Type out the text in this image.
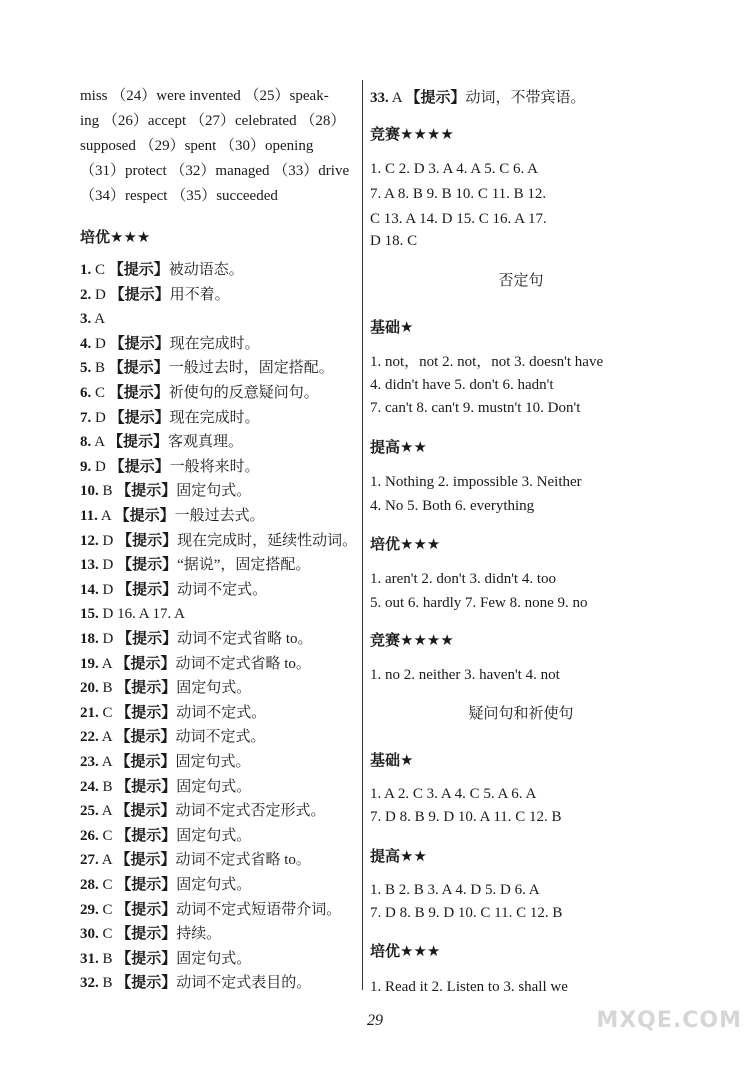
miss （24）were invented （25）speak-
ing （26）accept （27）celebrated （28）
supposed （29）spent （30）opening
（31）protect （32）managed （33）drive
（34）respect （35）succeeded
培优★★★
1. C 【提示】被动语态。
2. D 【提示】用不着。
3. A
4. D 【提示】现在完成时。
5. B 【提示】一般过去时，固定搭配。
6. C 【提示】祈使句的反意疑问句。
7. D 【提示】现在完成时。
8. A 【提示】客观真理。
9. D 【提示】一般将来时。
10. B 【提示】固定句式。
11. A 【提示】一般过去式。
12. D 【提示】现在完成时，延续性动词。
13. D 【提示】“据说”，固定搭配。
14. D 【提示】动词不定式。
15. D 16. A 17. A
18. D 【提示】动词不定式省略 to。
19. A 【提示】动词不定式省略 to。
20. B 【提示】固定句式。
21. C 【提示】动词不定式。
22. A 【提示】动词不定式。
23. A 【提示】固定句式。
24. B 【提示】固定句式。
25. A 【提示】动词不定式否定形式。
26. C 【提示】固定句式。
27. A 【提示】动词不定式省略 to。
28. C 【提示】固定句式。
29. C 【提示】动词不定式短语带介词。
30. C 【提示】持续。
31. B 【提示】固定句式。
32. B 【提示】动词不定式表目的。
33. A 【提示】动词，不带宾语。
竞赛★★★★
1. C 2. D 3. A 4. A 5. C 6. A
7. A 8. B 9. B 10. C 11. B 12.
C 13. A 14. D 15. C 16. A 17.
D 18. C
否定句
基础★
1. not，not 2. not，not 3. doesn't have
4. didn't have 5. don't 6. hadn't
7. can't 8. can't 9. mustn't 10. Don't
提高★★
1. Nothing 2. impossible 3. Neither
4. No 5. Both 6. everything
培优★★★
1. aren't 2. don't 3. didn't 4. too
5. out 6. hardly 7. Few 8. none 9. no
竞赛★★★★
1. no 2. neither 3. haven't 4. not
疑问句和祈使句
基础★
1. A 2. C 3. A 4. C 5. A 6. A
7. D 8. B 9. D 10. A 11. C 12. B
提高★★
1. B 2. B 3. A 4. D 5. D 6. A
7. D 8. B 9. D 10. C 11. C 12. B
培优★★★
1. Read it 2. Listen to 3. shall we
29	MXQE.COM
